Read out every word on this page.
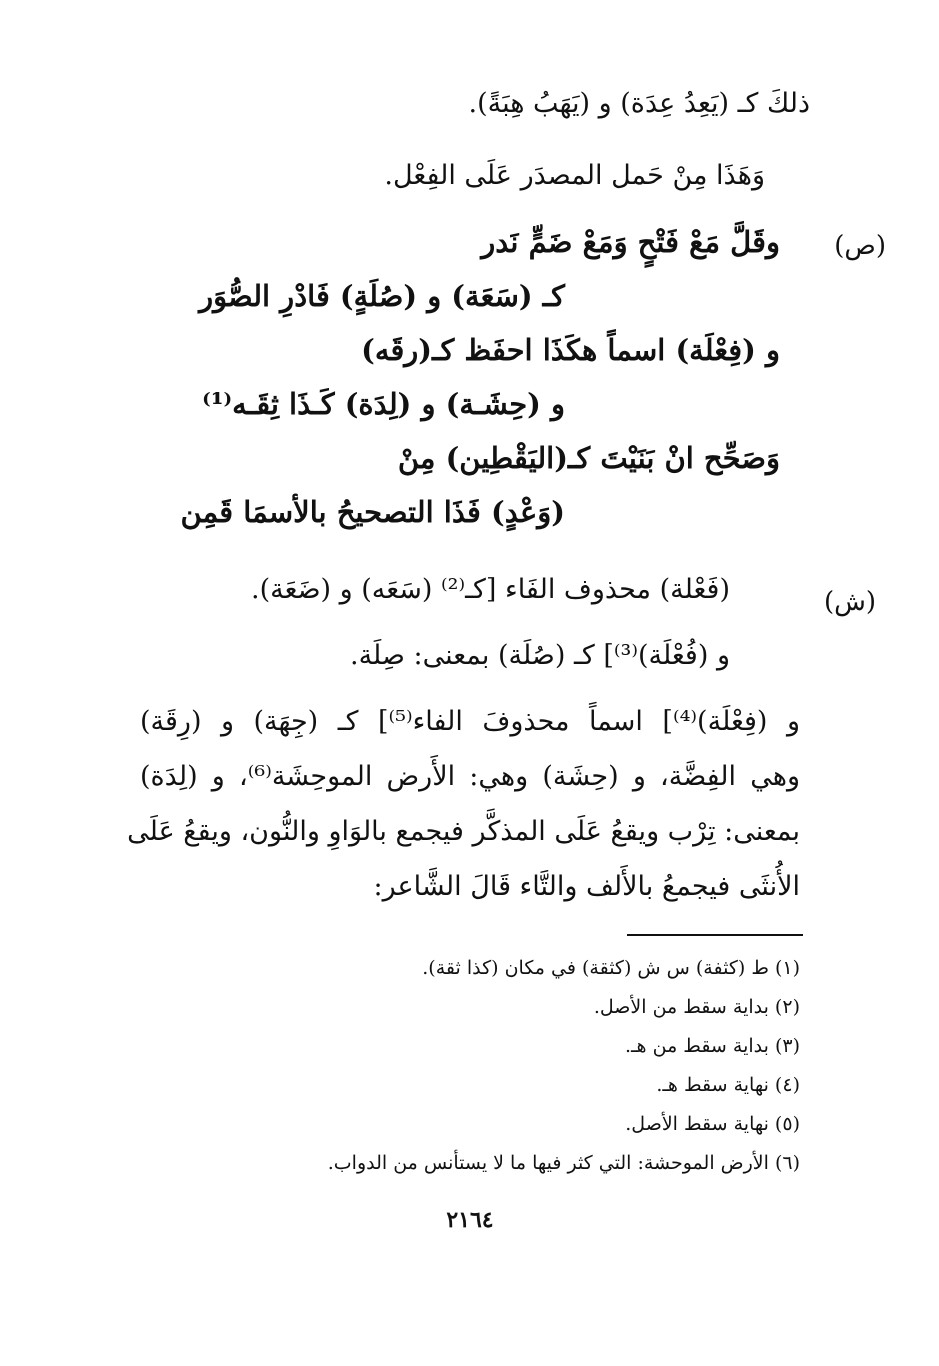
ذلكَ كـ (يَعِدُ عِدَة) و (يَهَبُ هِبَةً).
وَهَذَا مِنْ حَمل المصدَر عَلَى الفِعْل.
(ص)
وقَلَّ مَعْ فَتْحٍ وَمَعْ ضَمٍّ نَدر
كـ (سَعَة) و (صُلَةٍ) فَادْرِ الصُّوَر
و (فِعْلَة) اسماً هكَذَا احفَظ كـ(رقَه)
و (حِشَـة) و (لِدَة) كَـذَا ثِقَـه⁽¹⁾
وَصَحِّح انْ بَنَيْتَ كـ(اليَقْطِين) مِنْ
(وَعْدٍ) فَذَا التصحيحُ بالأسمَا قَمِن
(ش)
(فَعْلة) محذوف الفَاء [كـ⁽²⁾ (سَعَه) و (ضَعَة).
و (فُعْلَة)⁽³⁾] كـ (صُلَة) بمعنى: صِلَة.
و (فِعْلَة)⁽⁴⁾] اسماً محذوفَ الفاء⁽⁵⁾] كـ (جِهَة) و (رِقَة)
وهي الفِضَّة، و (حِشَة) وهي: الأَرض الموحِشَة⁽⁶⁾، و (لِدَة)
بمعنى: تِرْب ويقعُ عَلَى المذكَّر فيجمع بالوَاوِ والنُّون، ويقعُ عَلَى
الأُنثَى فيجمعُ بالأَلف والتَّاء قَالَ الشَّاعر:
(١) ط (كثفة) س ش (كثقة) في مكان (كذا ثقة).
(٢) بداية سقط من الأصل.
(٣) بداية سقط من هـ.
(٤) نهاية سقط هـ.
(٥) نهاية سقط الأصل.
(٦) الأرض الموحشة: التي كثر فيها ما لا يستأنس من الدواب.
٢١٦٤
